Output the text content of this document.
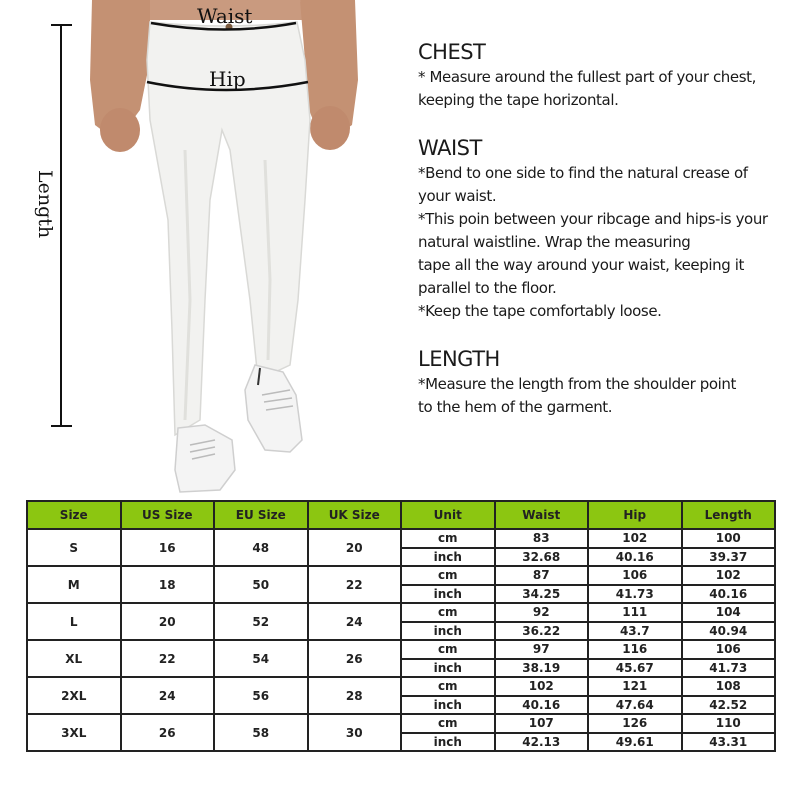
Waist
Hip
Length
CHEST

* Measure around the fullest part of your chest,

keeping the tape horizontal.

WAIST

*Bend to one side to find the natural crease of

your waist.

*This poin between your ribcage and hips-is your

natural waistline. Wrap the measuring

tape all the way around your waist, keeping it

parallel to the floor.

*Keep the tape comfortably loose.

LENGTH

*Measure the length from the shoulder point

to the hem of the garment.

Size	US Size	EU Size	UK Size	Unit	Waist	Hip	Length
S	16	48	20	cm	83	102	100
				inch	32.68	40.16	39.37
M	18	50	22	cm	87	106	102
				inch	34.25	41.73	40.16
L	20	52	24	cm	92	111	104
				inch	36.22	43.7	40.94
XL	22	54	26	cm	97	116	106
				inch	38.19	45.67	41.73
2XL	24	56	28	cm	102	121	108
				inch	40.16	47.64	42.52
3XL	26	58	30	cm	107	126	110
				inch	42.13	49.61	43.31
